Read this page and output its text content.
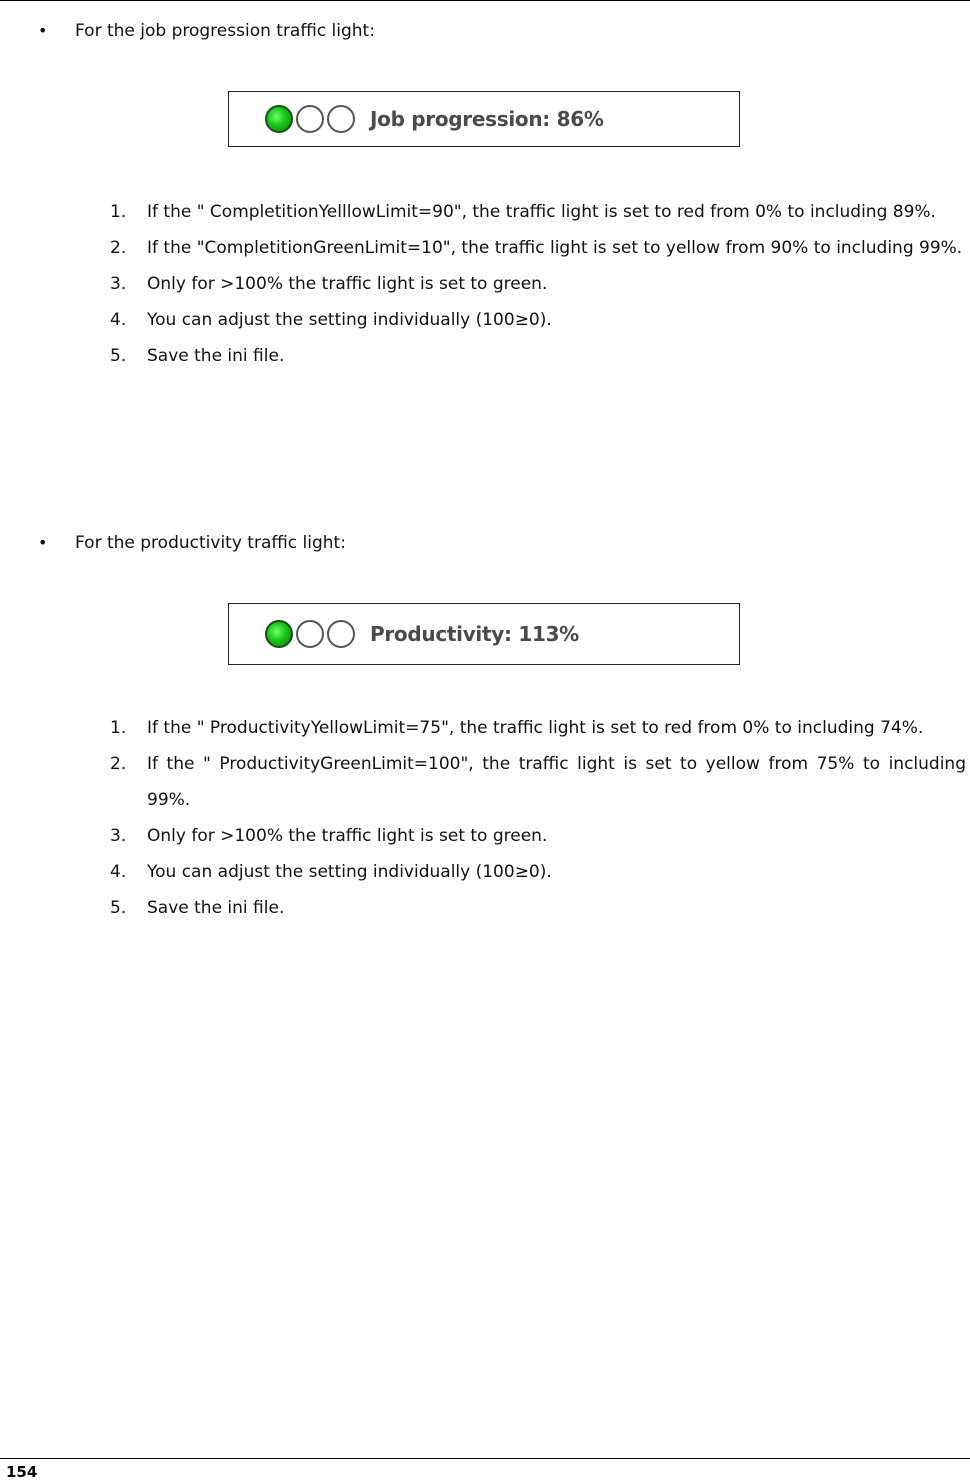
•	For the job progression traffic light:
Job progression: 86%
1.	If the " CompletitionYelllowLimit=90", the traffic light is set to red from 0% to including 89%.
2.	If the "CompletitionGreenLimit=10", the traffic light is set to yellow from 90% to including 99%.
3.	Only for >100% the traffic light is set to green.
4.	You can adjust the setting individually (100≥0).
5.	Save the ini file.
•	For the productivity traffic light:
Productivity: 113%
1.	If the " ProductivityYellowLimit=75", the traffic light is set to red from 0% to including 74%.
2.	If the " ProductivityGreenLimit=100", the traffic light is set to yellow from 75% to including 99%.
3.	Only for >100% the traffic light is set to green.
4.	You can adjust the setting individually (100≥0).
5.	Save the ini file.
154
